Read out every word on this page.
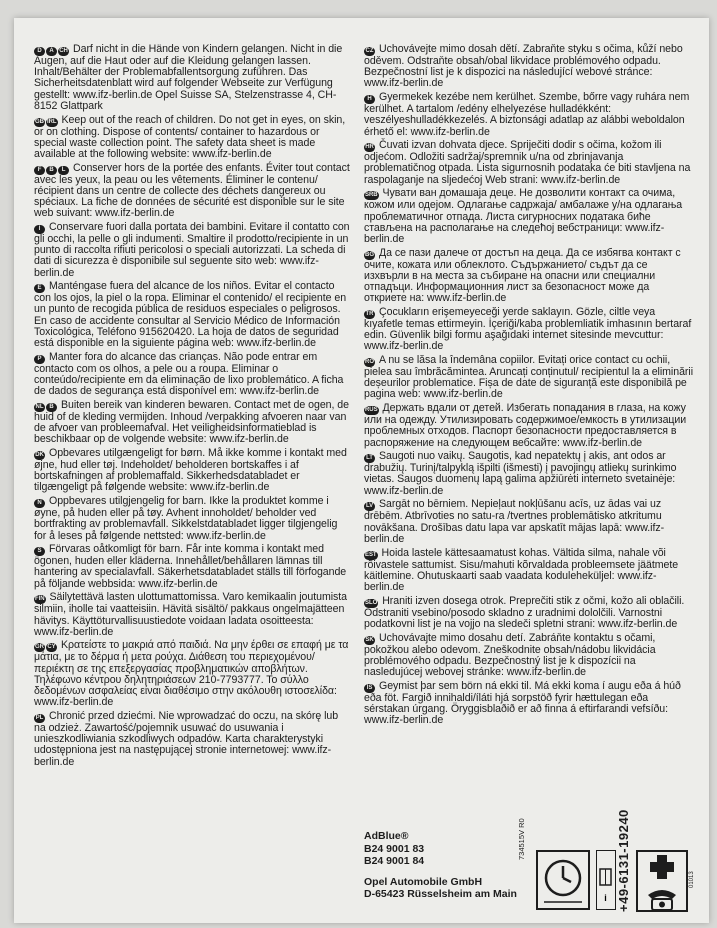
D A CH Darf nicht in die Hände von Kindern gelangen. Nicht in die Augen, auf die Haut oder auf die Kleidung gelangen lassen. Inhalt/Behälter der Problemabfallentsorgung zuführen. Das Sicherheitsdatenblatt wird auf folgender Webseite zur Verfügung gestellt: www.ifz-berlin.de Opel Suisse SA, Stelzenstrasse 4, CH-8152 Glattpark
GB IRL Keep out of the reach of children. Do not get in eyes, on skin, or on clothing. Dispose of contents/ container to hazardous or special waste collection point. The safety data sheet is made available at the following website: www.ifz-berlin.de
F B L Conserver hors de la portée des enfants. Éviter tout contact avec les yeux, la peau ou les vêtements. Éliminer le contenu/ récipient dans un centre de collecte des déchets dangereux ou spéciaux. La fiche de données de sécurité est disponible sur le site web suivant: www.ifz-berlin.de
I Conservare fuori dalla portata dei bambini. Evitare il contatto con gli occhi, la pelle o gli indumenti. Smaltire il prodotto/recipiente in un punto di raccolta rifiuti pericolosi o speciali autorizzati. La scheda di dati di sicurezza è disponibile sul seguente sito web: www.ifz-berlin.de
E Manténgase fuera del alcance de los niños. Evitar el contacto con los ojos, la piel o la ropa. Eliminar el contenido/ el recipiente en un punto de recogida pública de residuos especiales o peligrosos. En caso de accidente consultar al Servicio Médico de Información Toxicológica, Teléfono 915620420. La hoja de datos de seguridad está disponible en la siguiente página web: www.ifz-berlin.de
P Manter fora do alcance das crianças. Não pode entrar em contacto com os olhos, a pele ou a roupa. Eliminar o conteúdo/recipiente em da eliminação de lixo problemático. A ficha de dados de segurança está disponível em: www.ifz-berlin.de
NL B Buiten bereik van kinderen bewaren. Contact met de ogen, de huid of de kleding vermijden. Inhoud /verpakking afvoeren naar van de afvoer van probleemafval. Het veiligheidsinformatieblad is beschikbaar op de volgende website: www.ifz-berlin.de
DK Opbevares utilgængeligt for børn. Må ikke komme i kontakt med øjne, hud eller tøj. Indeholdet/ beholderen bortskaffes i af bortskafningen af problemaffald. Sikkerhedsdatabladet er tilgængeligt på følgende website: www.ifz-berlin.de
N Oppbevares utilgjengelig for barn. Ikke la produktet komme i øyne, på huden eller på tøy. Avhent innoholdet/ beholder ved bortfrakting av problemavfall. Sikkelstdatabladet ligger tilgjengelig for å leses på følgende nettsted: www.ifz-berlin.de
S Förvaras oåtkomligt för barn. Får inte komma i kontakt med ögonen, huden eller kläderna. Innehållet/behållaren lämnas till hantering av specialavfall. Säkerhetsdatabladet ställs till förfogande på följande webbsida: www.ifz-berlin.de
FIN Säilytettävä lasten ulottumattomissa. Varo kemikaalin joutumista silmiin, iholle tai vaatteisiin. Hävitä sisältö/ pakkaus ongelmajätteen hävitys. Käyttöturvallisuustiedote voidaan ladata osoitteesta: www.ifz-berlin.de
GR CY Κρατείστε το μακριά από παιδιά. Να μην έρθει σε επαφή με τα μάτια, με το δέρμα ή μετα ρούχα. Διάθεση του περιεχομένου/περιέκτη σε της επεξεργασίας προβληματικών αποβλήτων. Τηλέφωνο κέντρου δηλητηριάσεων 210-7793777. Το σύλλο δεδομένων ασφαλείας είναι διαθέσιμο στην ακόλουθη ιστοσελίδα: www.ifz-berlin.de
PL Chronić przed dziećmi. Nie wprowadzać do oczu, na skórę lub na odzież. Zawartość/pojemnik usuwać do usuwania i unieszkodliwiania szkodliwych odpadów. Karta charakterystyki udostępniona jest na następującej stronie internetowej: www.ifz-berlin.de
CZ Uchovávejte mimo dosah dětí. Zabraňte styku s očima, kůží nebo oděvem. Odstraňte obsah/obal likvidace problémového odpadu. Bezpečnostní list je k dispozici na následující webové stránce: www.ifz-berlin.de
H Gyermekek kezébe nem kerülhet. Szembe, bőrre vagy ruhára nem kerülhet. A tartalom /edény elhelyezése hulladékként: veszélyeshulladékkezelés. A biztonsági adatlap az alábbi weboldalon érhető el: www.ifz-berlin.de
HR Čuvati izvan dohvata djece. Spriječiti dodir s očima, kožom ili odjećom. Odložiti sadržaj/spremnik u/na od zbrinjavanja problematičnog otpada. Lista sigurnosnih podataka će biti stavljena na raspolaganje na sljedećoj Web strani: www.ifz-berlin.de
SRB Чувати ван домашаја деце. Не дозволити контакт са очима, кожом или одејом. Одлагање садржаја/ амбалаже у/на одлагања проблематичног отпада. Листа сигурносних података биће стављена на располагање на следећој вебстраници: www.ifz-berlin.de
BG Да се пази далече от достъп на деца. Да се избягва контакт с очите, кожата или облеклото. Съдържанието/ съдът да се изхвърли в на места за събиране на опасни или специални отпадъци. Информационния лист за безопасност може да откриете на: www.ifz-berlin.de
TR Çocukların erişemeyeceği yerde saklayın. Gözle, ciltle veya kıyafetle temas ettirmeyin. İçeriği/kaba problemliatik imhasının bertaraf edin. Güvenlik bilgi formu aşağıdaki internet sitesinde mevcuttur: www.ifz-berlin.de
RO A nu se lăsa la îndemâna copiilor. Evitați orice contact cu ochii, pielea sau îmbrăcămintea. Aruncați conținutul/ recipientul la a eliminării deșeurilor problematice. Fișa de date de siguranță este disponibilă pe pagina web: www.ifz-berlin.de
RUS Держать вдали от детей. Избегать попадания в глаза, на кожу или на одежду. Утилизировать содержимое/емкость в утилизации проблемных отходов. Паспорт безопасности предоставляется в распоряжение на следующем вебсайте: www.ifz-berlin.de
LT Saugoti nuo vaikų. Saugotis, kad nepatektų į akis, ant odos ar drabužių. Turinį/talpyklą išpilti (išmesti) į pavojingų atliekų surinkimo vietas. Saugos duomenų lapą galima apžiūrėti interneto svetainėje: www.ifz-berlin.de
LV Sargāt no bērniem. Nepieļaut nokļūšanu acīs, uz ādas vai uz drēbēm. Atbrīvoties no satu-ra /tvertnes problemātisko atkritumu novākšana. Drošības datu lapa var apskatīt mājas lapā: www.ifz-berlin.de
EST Hoida lastele kättesaamatust kohas. Vältida silma, nahale või rõivastele sattumist. Sisu/mahuti kõrvaldada probleemsete jäätmete käitlemine. Ohutuskaarti saab vaadata koduleheküljel: www.ifz-berlin.de
SLO Hraniti izven dosega otrok. Preprečiti stik z očmi, kožo ali oblačili. Odstraniti vsebino/posodo skladno z uradnimi dololčili. Varnostni podatkovni list je na vojjo na sledeči spletni strani: www.ifz-berlin.de
SK Uchovávajte mimo dosahu detí. Zabráňte kontaktu s očami, pokožkou alebo odevom. Zneškodnite obsah/nádobu likvidácia problémového odpadu. Bezpečnostný list je k dispozícii na nasledujúcej webovej stránke: www.ifz-berlin.de
IS Geymist þar sem börn ná ekki til. Má ekki koma í augu eða á húð eða föt. Fargið innihaldi/íláti hjá sorpstöð fyrir hættulegan eða sérstakan úrgang. Öryggisblaðið er að finna á eftirfarandi vefsíðu: www.ifz-berlin.de
AdBlue®
B24 9001 83
B24 9001 84
Opel Automobile GmbH
D-65423 Rüsselsheim am Main
734515V R0
i +49-6131-19240
	01013
